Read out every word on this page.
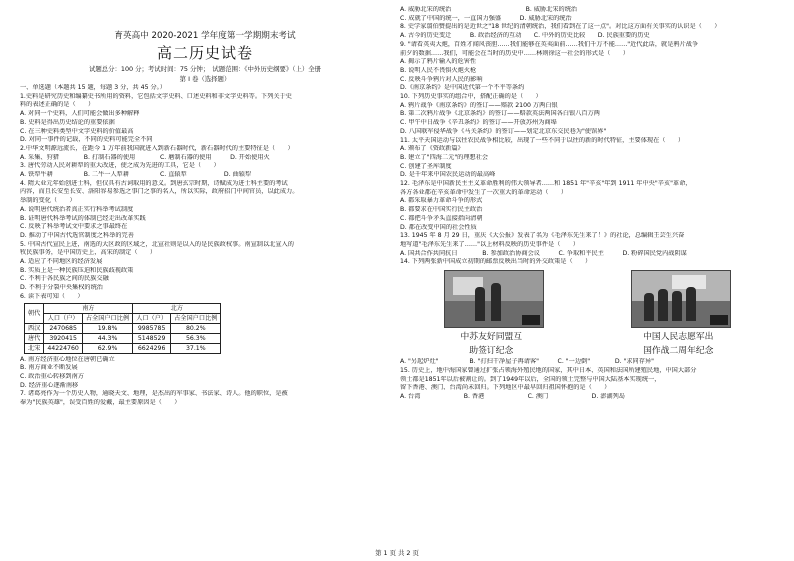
育英高中 2020-2021 学年度第一学期期末考试

高二历史试卷

试题总分：100 分；考试时间：75 分钟；　试题范围：《中外历史纲要》（上）全册

第 I 卷（选择题）

一、单选题（本题共 15 题，每题 3 分，共 45 分。）

1.史料是研究历史和编纂史书所用的资料，它包括文字史料、口述史料和非文字史料等。下列关于史

料的表述正确的是（　　）

A. 对同一个史料，人们可能会做出多种解释

B. 史料是得出历史结论的重要依据

C. 在三种史料类型中文字史料的价值最高

D. 对同一事件的记载，不同的史料可能完全不同

2.中华文明源远流长，在距今 1 万年前我国就进入到新石器时代，新石器时代的主要特征是（　　）

A. 采集、狩猎　　　　B. 打制石器的使用　　　　C. 磨制石器的使用　　　D. 开始使用火

3. 唐代劳动人民对耕犁的重大改进，使之成为先进的工具，它是（　　）

A. 铁犁牛耕　　　　　B. 二牛一人犁耕　　　　　C. 直辕犁　　　　　　D. 曲辕犁

4. 隋大业元年始创进士科，但仅具有古词取用的意义。到唐玄宗时期，诗赋成为进士科主要的考试

内容，而且长安至长安、洛阳容易参选之事门之事的名人，所以实际，政府招门中间官员，以此成力。

举制的变化（　　）

A. 说明唐代统治者真正实行科举考试制度

B. 证明唐代科举考试的体制已经走出改革实践

C. 反映了科举考试文中要求之事最终在

D. 推动了中国古代选官制度之科举的完善

5. 中国古代宣民上进，南选的大区政的区域之，北宣社则是以入的是民族政权事。南宣制以北宣入的

牧民族事务，是中国历史上，高宋的制定（　　）

A. 适应了不同地区的经济发展

B. 实质上是一种民族压迫和民族歧视政策

C. 不利于各民族之间的民族交融

D. 不利于分裂中央集权的统治

6. 读下表可知（　　）

朝代	南方		北方	
	人口（户）	占全国户口比例	人口（户）	占全国户口比例
西汉	2470685	19.8%	9985785	80.2%
唐代	3920415	44.3%	5148529	56.3%
北宋	44224760	62.9%	6624296	37.1%

A. 南方经济重心地位在唐朝已确立

B. 南方商业不断发展

C. 政治重心转移到南方

D. 经济重心逐渐南移

7. 诸葛亮作为一个历史人物，通晓天文、地理，是杰出的军事家、书法家、诗人。他的职位，是被

奉为"民族英雄"，误受百姓的爱戴，最主要原因是（　　）

A. 威胁北宋的统治　　　　　　　　　　　　B. 威胁北宋的统治

C. 成就了中国的统一，一直国力强盛　　　D. 威胁北宋的统治

8. 史学家翦伯赞提出的是近世之"18 世纪的清朝统治，我们看到在了这一点"。对比这方面有关事实的认识是（　　）

A. 古今的历史变迁　　　B. 政治经济的互动　　C. 中外的历史比较　　D. 民族重要的历史

9. "请看英夷大炮，百姓才闻风丧胆……我们能够在英夷面前……我们千万不能……"近代此话，就是鸦片战争

前夕的数据……我们，可能会在当时的历史中……林则徐这一社会的形式是（　　）

A. 揭示了鸦片输入的危害性

B. 说明人民不畏惧火炮火枪

C. 反映斗争鸦片对人民的影响

D.《南京条约》是中国近代第一个不平等条约

10. 下列历史事实的组合中，搭配正确的是（　　）

A. 鸦片战争《南京条约》的签订——赔款 2100 万两白银

B. 第二次鸦片战争《北京条约》的签订——赔款英法两国各白银八百万两

C. 甲午中日战争《辛丑条约》的签订——开放苏州为商埠

D. 八国联军侵华战争《马关条约》的签订——划定北京东交民巷为"使馆界"

11. 太平天国运动与以往农民战争相比较，出现了一些不同于以往的新的时代特征，主要体现在（　　）

A. 颁布了《资政新篇》

B. 建立了"四海二元"的理想社会

C. 创建了圣库制度

D. 是千年来中国农民运动的最高峰

12. 毛泽东是中国新民主主义革命胜利的伟大领导者……和 1851 年"辛亥"年到 1911 年中央"辛亥"革命，

各方各业都在辛亥革命中发生了一次重大的革命运动（　　）

A. 都采取暴力革命斗争的形式

B. 都要求在中国实行民主政治

C. 都把斗争矛头直接指向清朝

D. 都在改变中国的社会性质

13. 1945 年 8 月 29 日，重庆《大公报》发表了名为《毛泽东先生来了！》的社论，总编辑王芸生兴奋

地写道"毛泽东先生来了……"以上材料反映的历史事件是（　　）

A. 国共合作共同抗日　　　　B. 参加政治协商会议　　　C. 争取和平民主　　　D. 粉碎国民党内战阴谋

14. 下列两张新中国成立初期的邮票反映出当时的外交政策是（　　）

中苏友好同盟互
助签订纪念
中国人民志愿军出
国作战二周年纪念

A. "另起炉灶"　　　　　B. "打扫干净屋子再请客"　　　C. "一边倒"　　　　D. "求同存异"

15. 历史上，地中海国家曾通过扩张占领海外殖民地的国家，其中日本、英国和法国所建殖民地，中国大部分

领土都是1851年以后被割让的。到了1949年以后，全国的领土完整与中国大陆基本实现统一，

留下香港、澳门、台湾尚未回归。下列地区中最早回归祖国怀抱的是（　　）

A. 台湾　　　　　　　B. 香港　　　　　　　C. 澳门　　　　　　　D. 澎湖列岛

第 1 页 共 2 页
